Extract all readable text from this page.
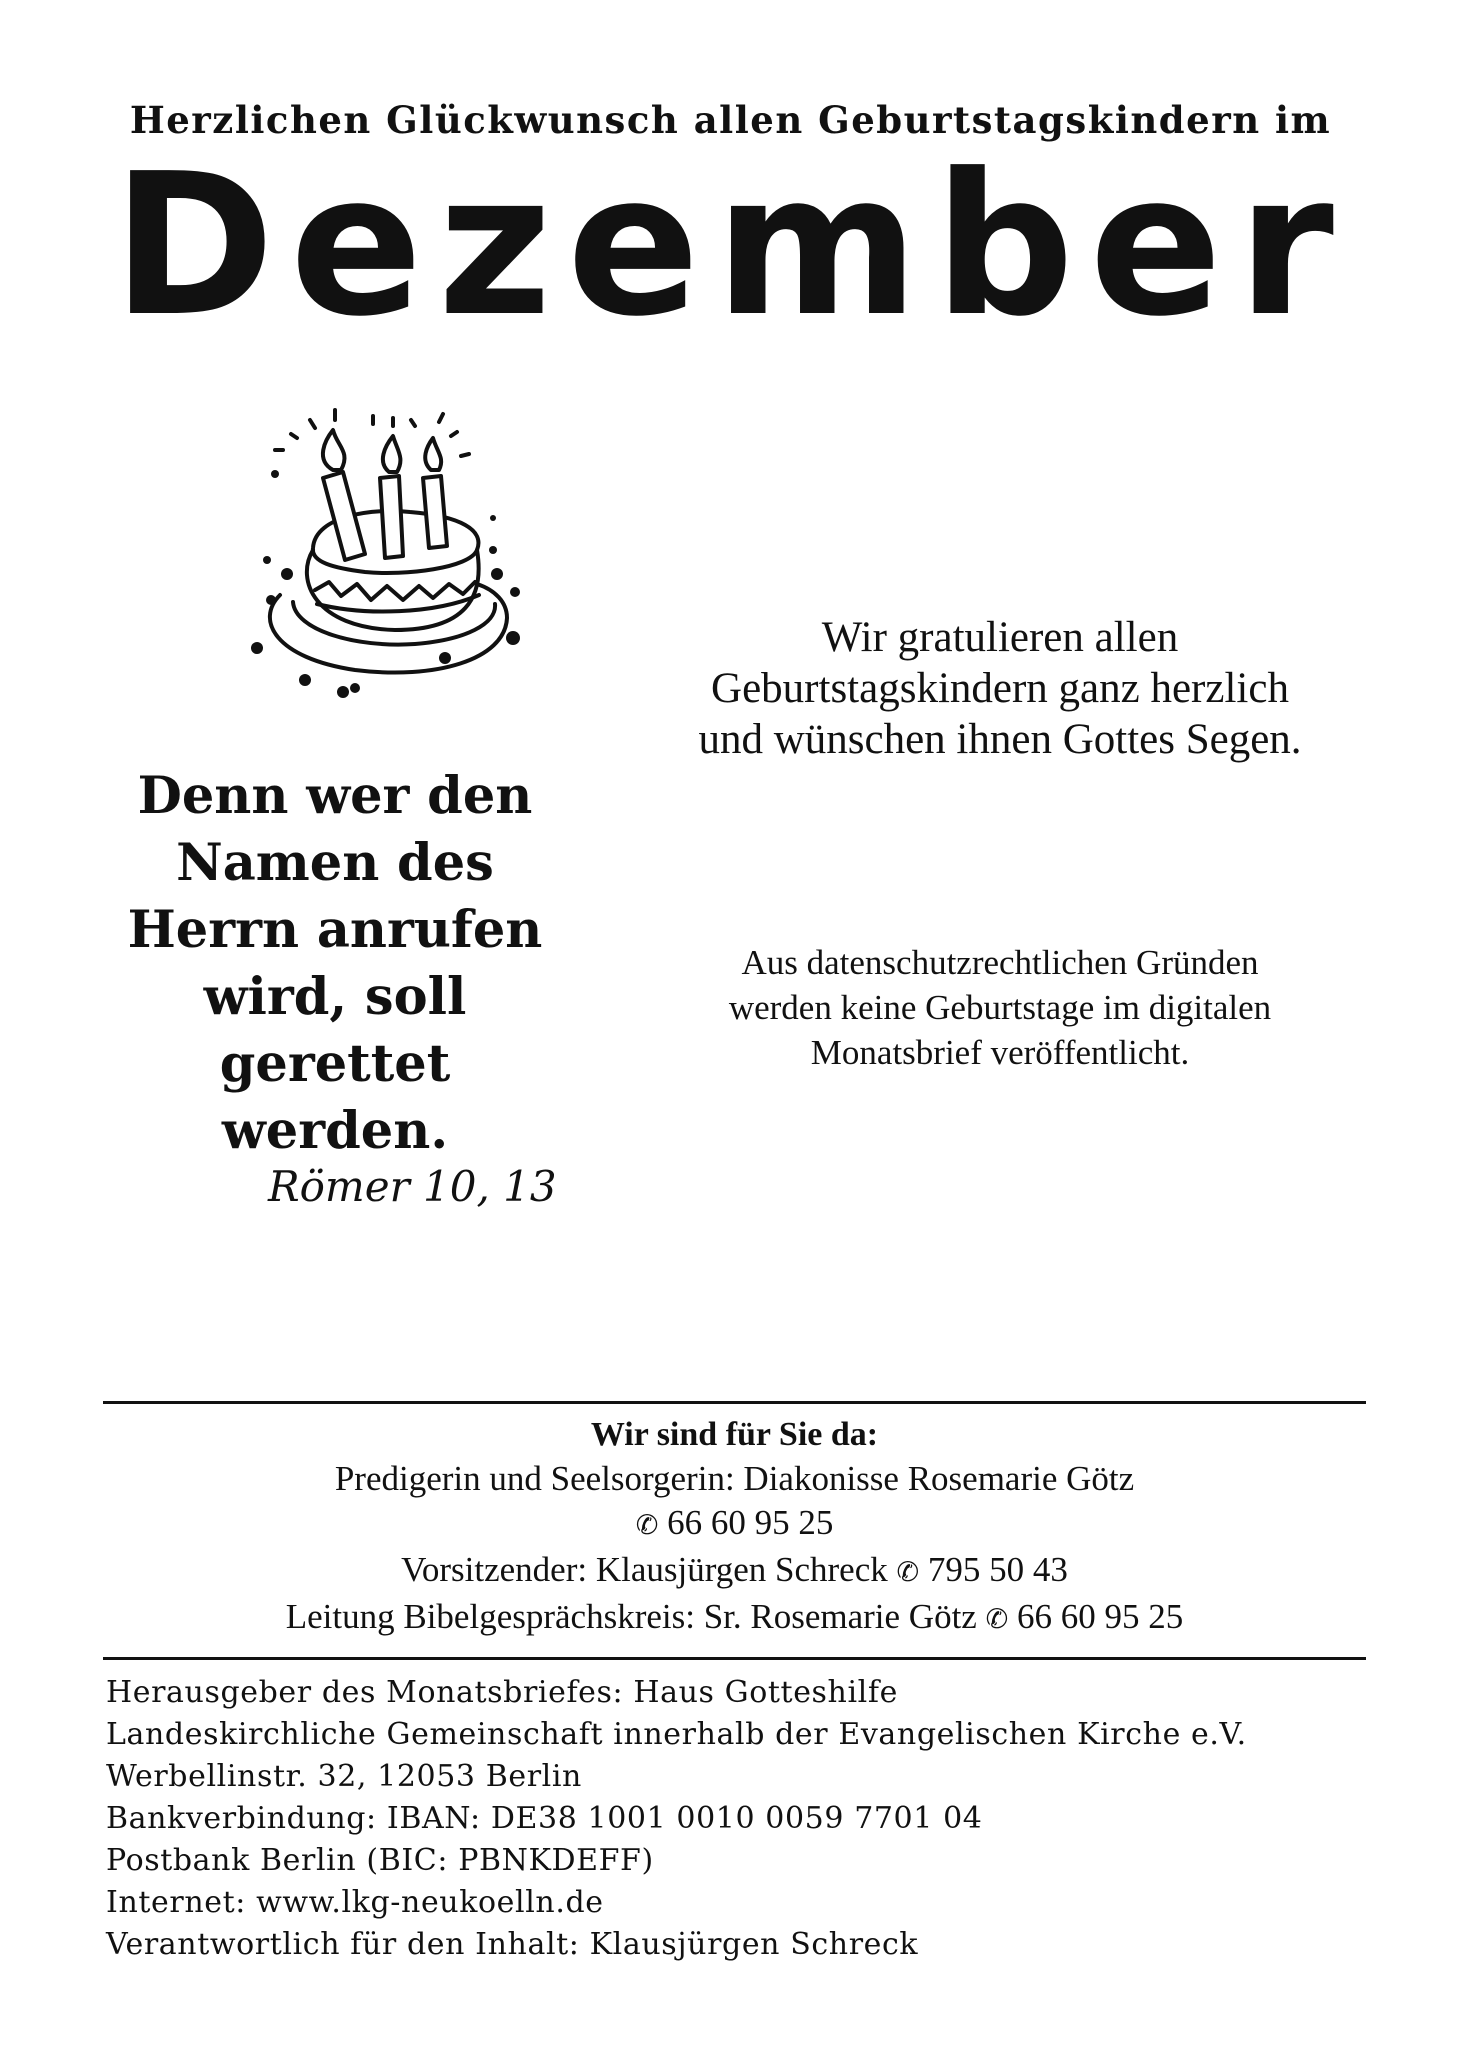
Herzlichen Glückwunsch allen Geburtstagskindern im
Dezember
Wir gratulieren allen
Geburtstagskindern ganz herzlich
und wünschen ihnen Gottes Segen.
Denn wer den
Namen des
Herrn anrufen
wird, soll
gerettet
werden.
Römer 10, 13
Aus datenschutzrechtlichen Gründen
werden keine Geburtstage im digitalen
Monatsbrief veröffentlicht.
Wir sind für Sie da:
Predigerin und Seelsorgerin: Diakonisse Rosemarie Götz
✆ 66 60 95 25
Vorsitzender: Klausjürgen Schreck ✆ 795 50 43
Leitung Bibelgesprächskreis: Sr. Rosemarie Götz ✆ 66 60 95 25
Herausgeber des Monatsbriefes: Haus Gotteshilfe
Landeskirchliche Gemeinschaft innerhalb der Evangelischen Kirche e.V.
Werbellinstr. 32, 12053 Berlin
Bankverbindung: IBAN: DE38 1001 0010 0059 7701 04
Postbank Berlin (BIC: PBNKDEFF)
Internet: www.lkg-neukoelln.de
Verantwortlich für den Inhalt: Klausjürgen Schreck
